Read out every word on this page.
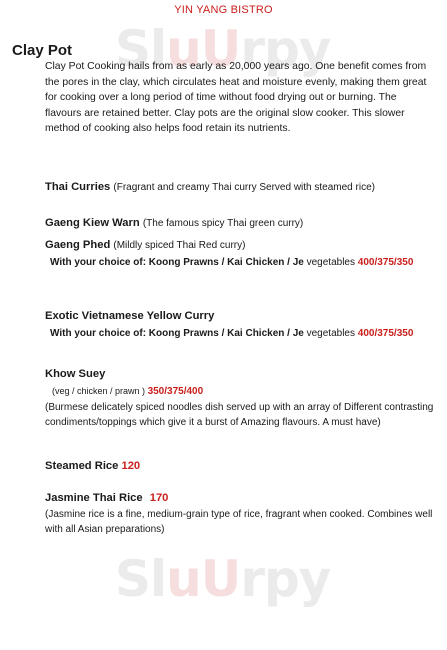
SluUrpy
SluUrpy
YIN YANG BISTRO
Clay Pot
Clay Pot Cooking hails from as early as 20,000 years ago. One benefit comes from the pores in the clay, which circulates heat and moisture evenly, making them great for cooking over a long period of time without food drying out or burning. The flavours are retained better. Clay pots are the original slow cooker. This slower method of cooking also helps food retain its nutrients.
Thai Curries (Fragrant and creamy Thai curry Served with steamed rice)
Gaeng Kiew Warn (The famous spicy Thai green curry)
Gaeng Phed (Mildly spiced Thai Red curry)
With your choice of: Koong Prawns / Kai Chicken / Je vegetables 400/375/350
Exotic Vietnamese Yellow Curry
With your choice of: Koong Prawns / Kai Chicken / Je vegetables 400/375/350
Khow Suey
(veg / chicken / prawn ) 350/375/400
(Burmese delicately spiced noodles dish served up with an array of Different contrasting condiments/toppings which give it a burst of Amazing flavours. A must have)
Steamed Rice 120
Jasmine Thai Rice 170
(Jasmine rice is a fine, medium-grain type of rice, fragrant when cooked. Combines well with all Asian preparations)
